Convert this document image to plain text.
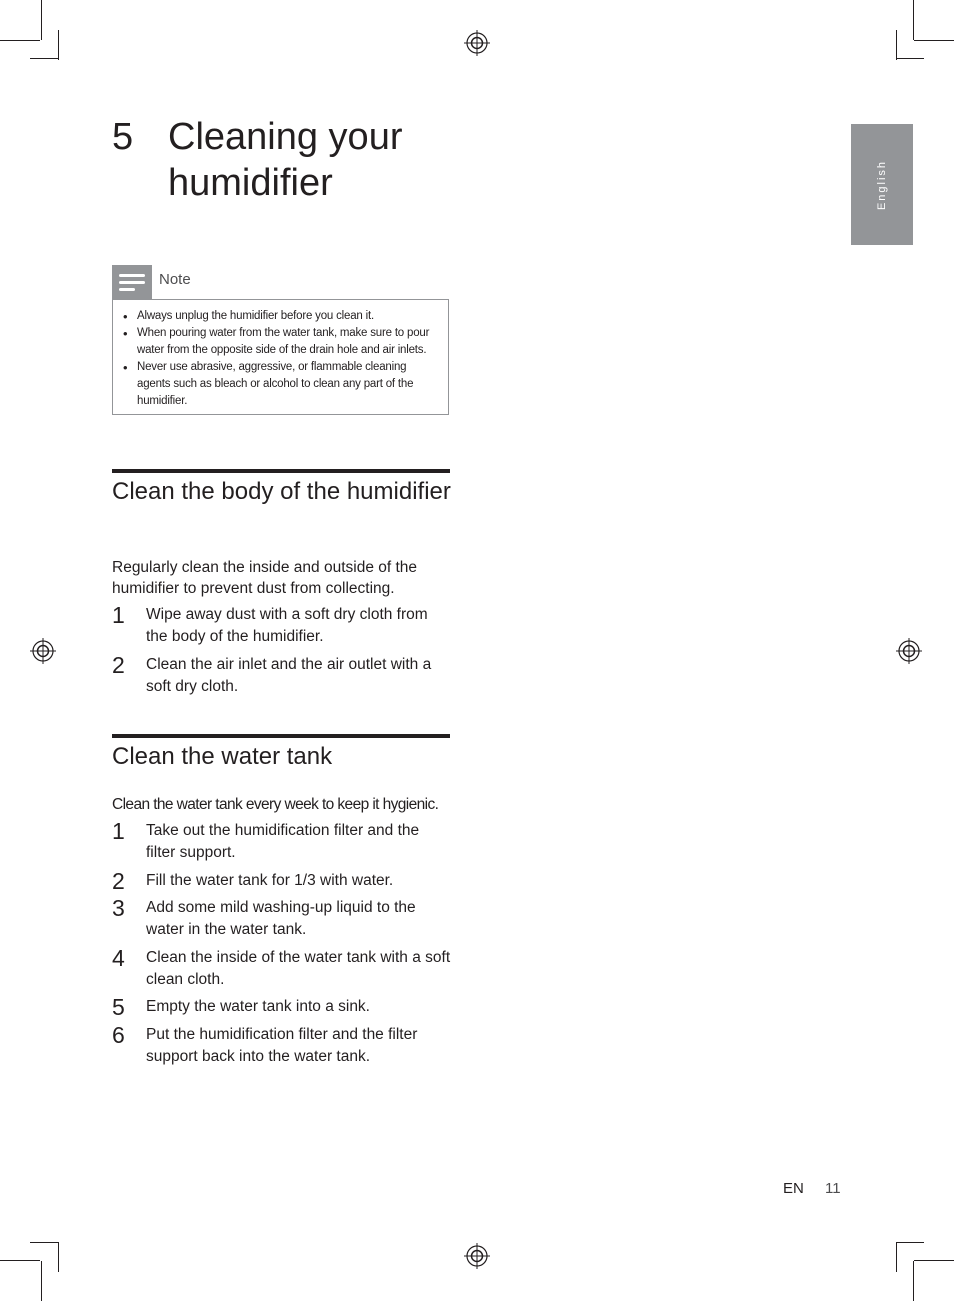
5 Cleaning your humidifier	English
Note
• Always unplug the humidifier before you clean it.
• When pouring water from the water tank, make sure to pour water from the opposite side of the drain hole and air inlets.
• Never use abrasive, aggressive, or flammable cleaning agents such as bleach or alcohol to clean any part of the humidifier.
Clean the body of the humidifier
Regularly clean the inside and outside of the humidifier to prevent dust from collecting.
1	Wipe away dust with a soft dry cloth from the body of the humidifier.
2	Clean the air inlet and the air outlet with a soft dry cloth.
Clean the water tank
Clean the water tank every week to keep it hygienic.
1	Take out the humidification filter and the filter support.
2	Fill the water tank for 1/3 with water.
3	Add some mild washing-up liquid to the water in the water tank.
4	Clean the inside of the water tank with a soft clean cloth.
5	Empty the water tank into a sink.
6	Put the humidification filter and the filter support back into the water tank.
EN 11
